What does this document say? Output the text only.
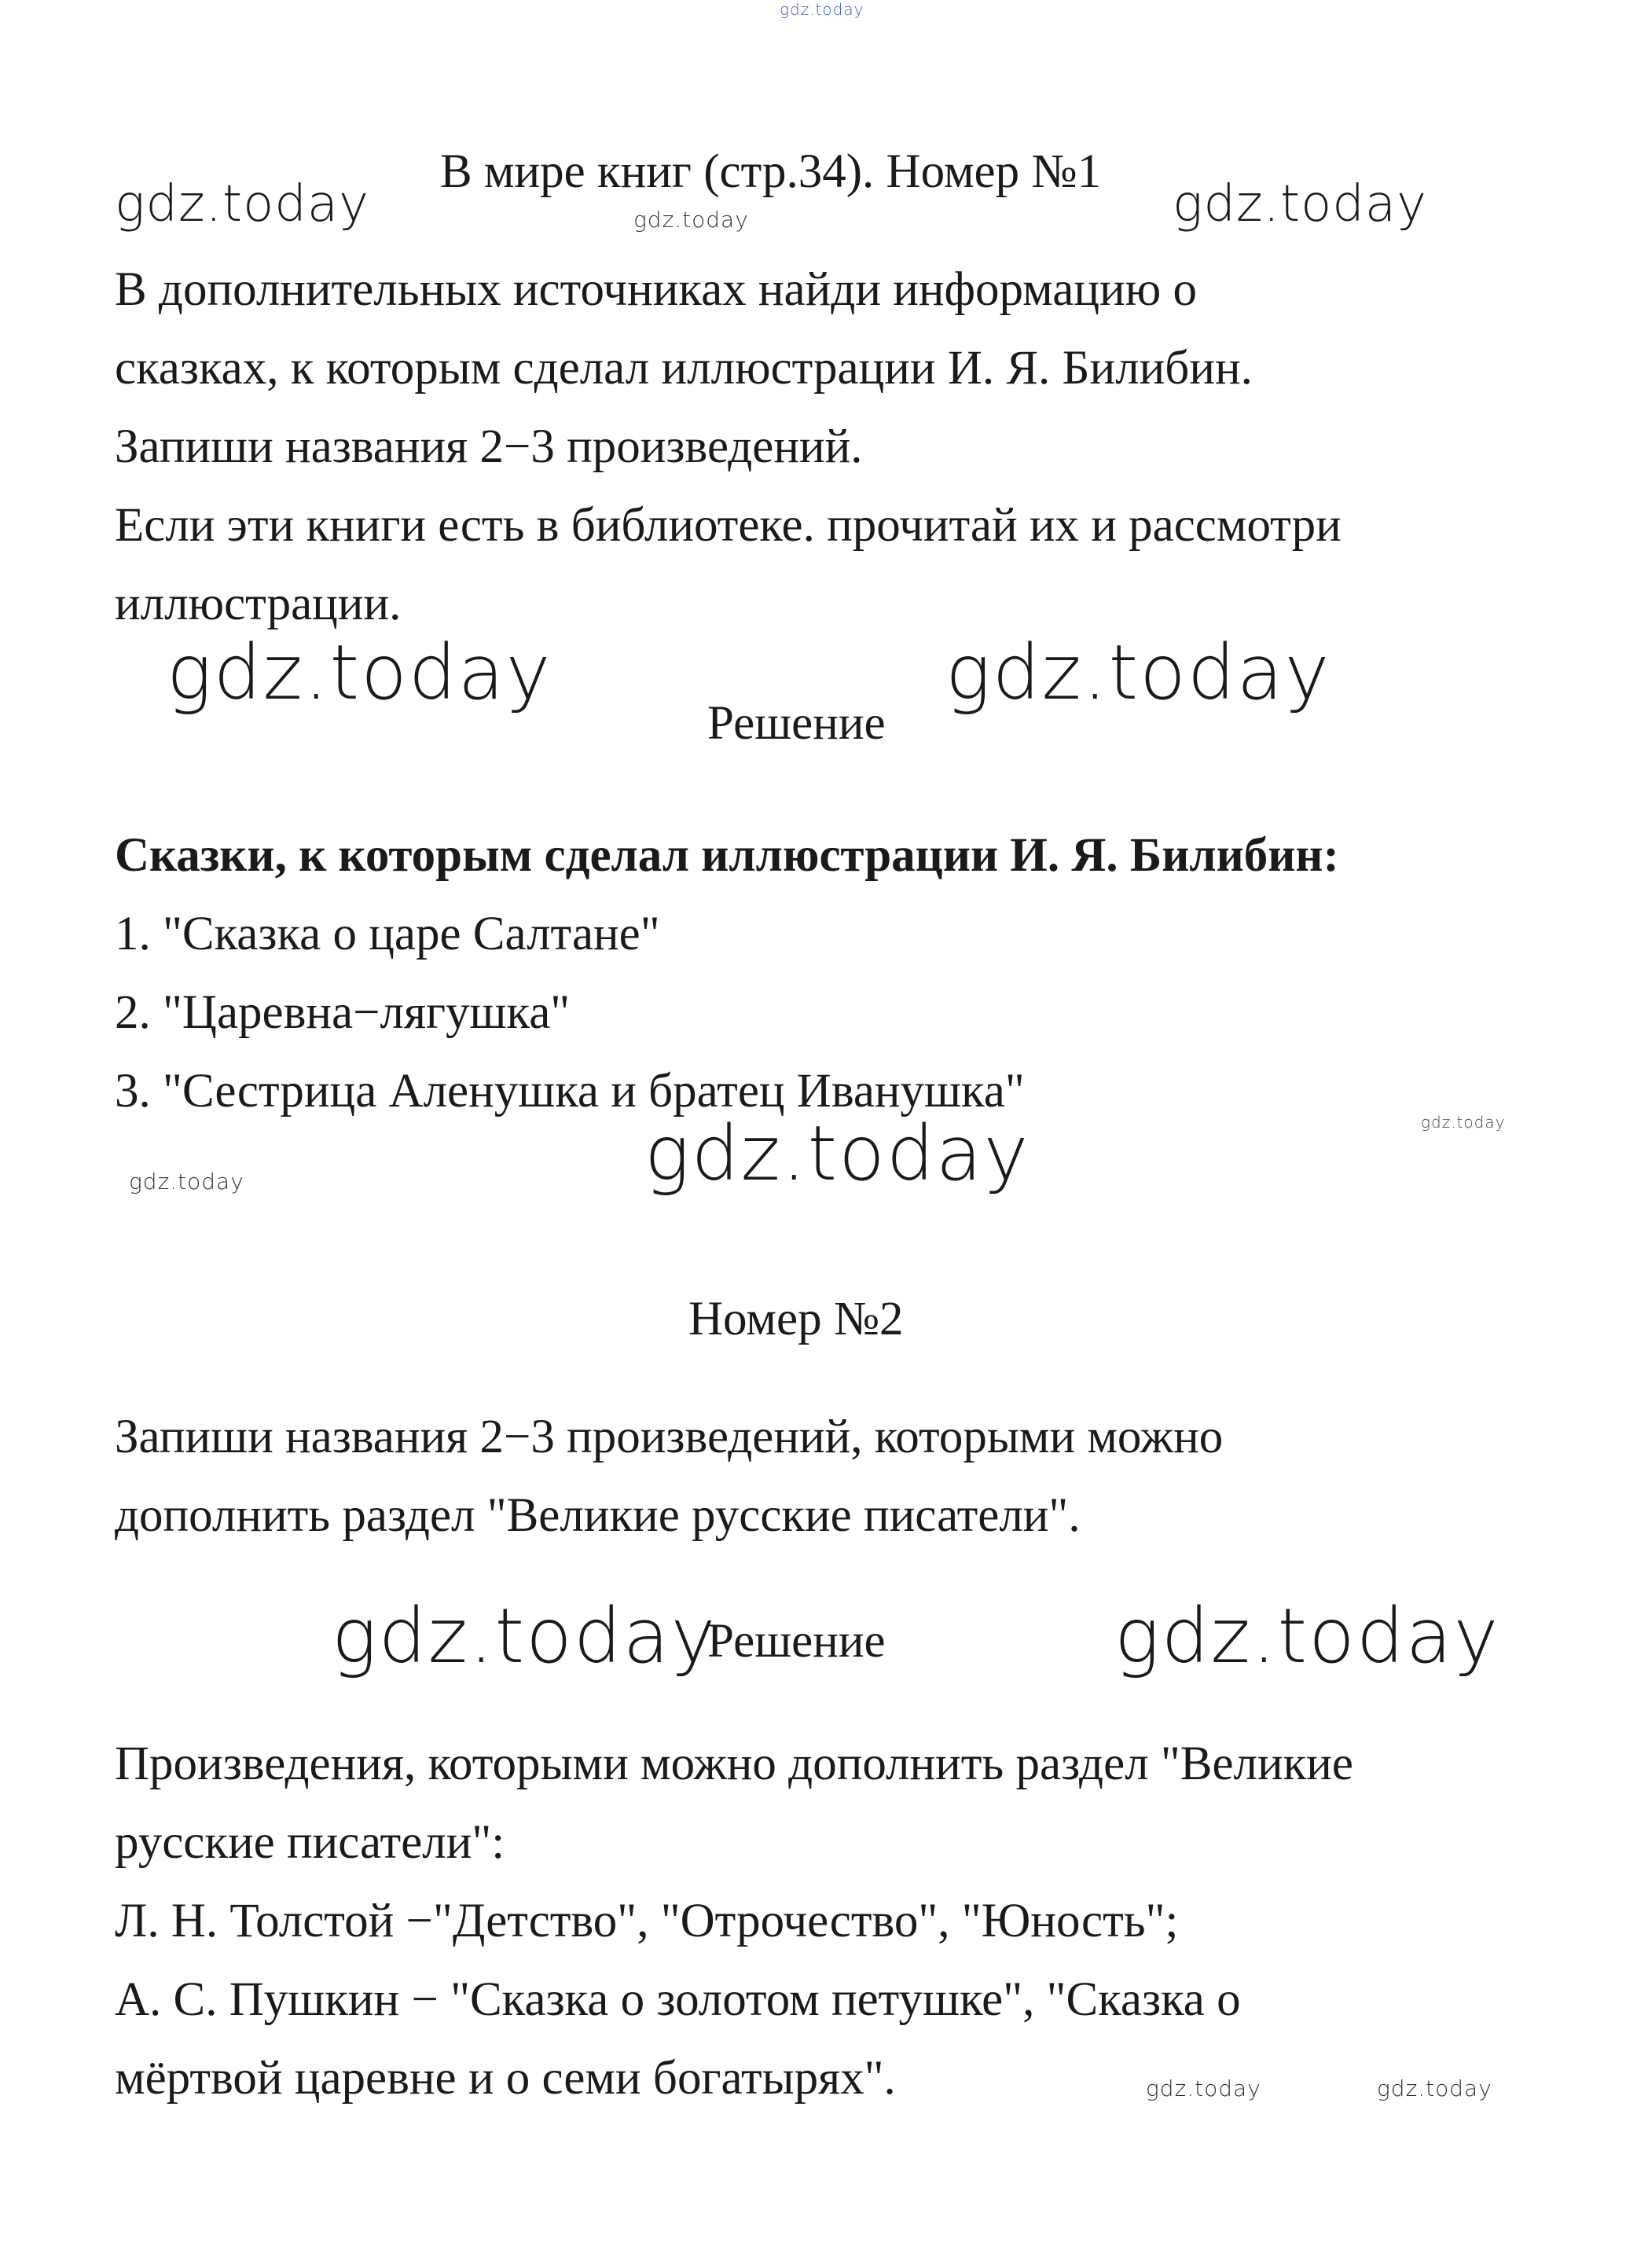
gdz.today
gdz.today	gdz.today
gdz.today
gdz.today	gdz.today
gdz.today
gdz.today
gdz.today
gdz.today	gdz.today
gdz.today	gdz.today
В мире книг (стр.34). Номер №1
В дополнительных источниках найди информацию о
сказках, к которым сделал иллюстрации И. Я. Билибин.
Запиши названия 2−3 произведений.
Если эти книги есть в библиотеке. прочитай их и рассмотри
иллюстрации.
Решение
Сказки, к которым сделал иллюстрации И. Я. Билибин:
1. "Сказка о царе Салтане"
2. "Царевна−лягушка"
3. "Сестрица Аленушка и братец Иванушка"
Номер №2
Запиши названия 2−3 произведений, которыми можно
дополнить раздел "Великие русские писатели".
Решение
Произведения, которыми можно дополнить раздел "Великие
русские писатели":
Л. Н. Толстой −"Детство", "Отрочество", "Юность";
А. С. Пушкин − "Сказка о золотом петушке", "Сказка о
мёртвой царевне и о семи богатырях".
